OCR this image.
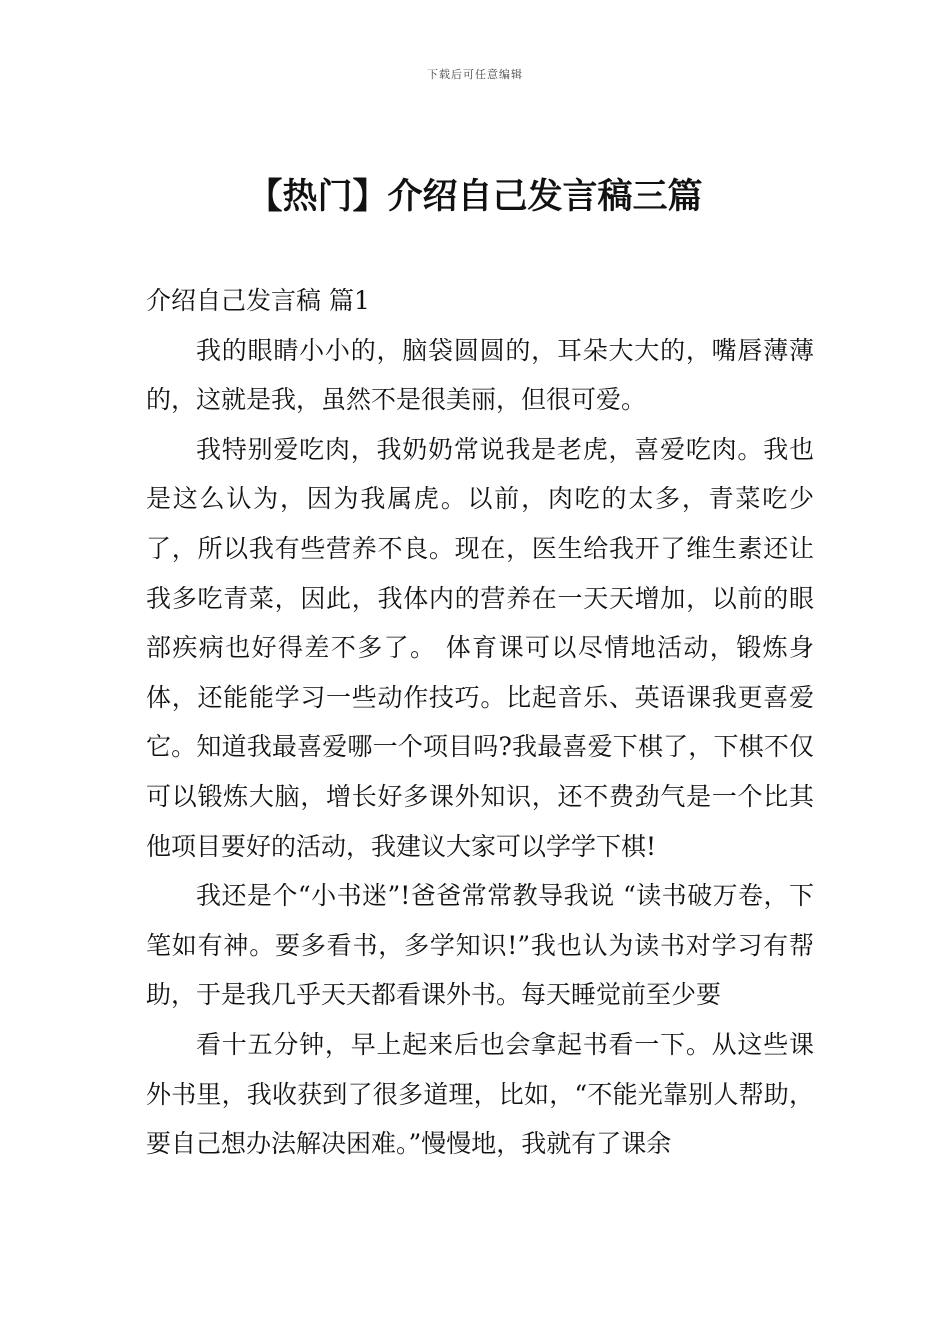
下载后可任意编辑
【热门】介绍自己发言稿三篇

介绍自己发言稿 篇1

我的眼睛小小的，脑袋圆圆的，耳朵大大的，嘴唇薄薄的，这就是我，虽然不是很美丽，但很可爱。

我特别爱吃肉，我奶奶常说我是老虎，喜爱吃肉。我也是这么认为，因为我属虎。以前，肉吃的太多，青菜吃少了，所以我有些营养不良。现在，医生给我开了维生素还让我多吃青菜，因此，我体内的营养在一天天增加，以前的眼部疾病也好得差不多了。 体育课可以尽情地活动，锻炼身体，还能能学习一些动作技巧。比起音乐、英语课我更喜爱它。知道我最喜爱哪一个项目吗?我最喜爱下棋了，下棋不仅可以锻炼大脑，增长好多课外知识，还不费劲气是一个比其他项目要好的活动，我建议大家可以学学下棋!

我还是个“小书迷”!爸爸常常教导我说 “读书破万卷，下笔如有神。要多看书，多学知识!”我也认为读书对学习有帮助，于是我几乎天天都看课外书。每天睡觉前至少要

看十五分钟，早上起来后也会拿起书看一下。从这些课外书里，我收获到了很多道理，比如，“不能光靠别人帮助，要自己想办法解决困难。”慢慢地，我就有了课余
